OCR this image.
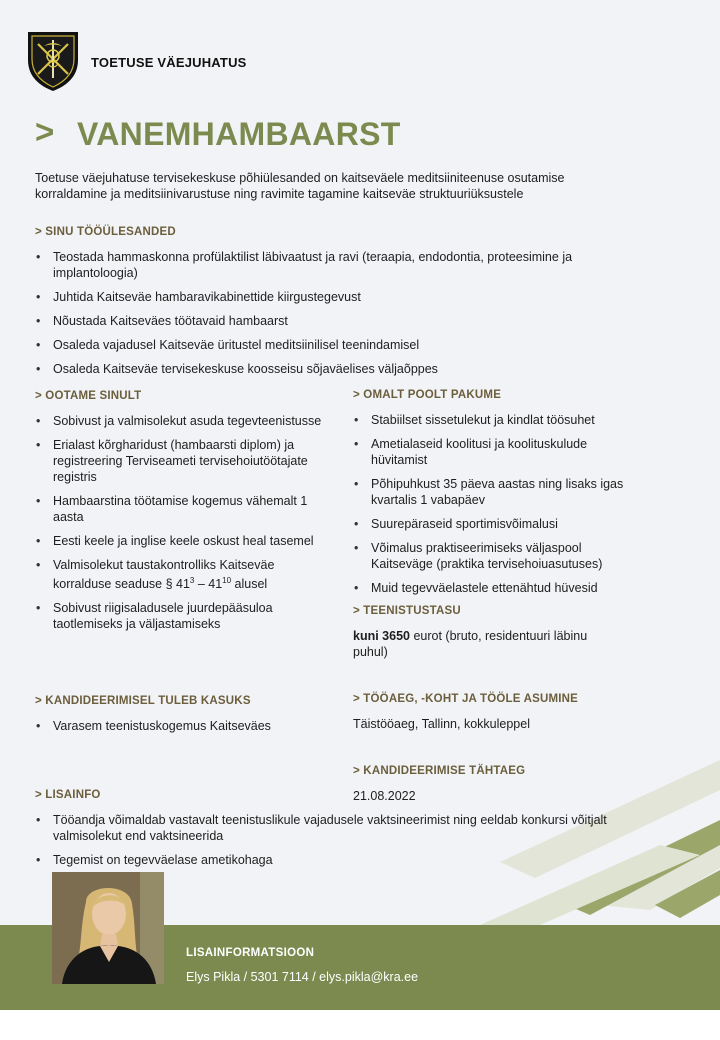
TOETUSE VÄEJUHATUS
> VANEMHAMBAARST
Toetuse väejuhatuse tervisekeskuse põhiülesanded on kaitseväele meditsiiniteenuse osutamise korraldamine ja meditsiinivarustuse ning ravimite tagamine kaitseväe struktuuriüksustele
> SINU TÖÖÜLESANDED
• Teostada hammaskonna profülaktilist läbivaatust ja ravi (teraapia, endodontia, proteesimine ja implantoloogia)
• Juhtida Kaitseväe hambaravikabinettide kiirgustegevust
• Nõustada Kaitseväes töötavaid hambaarst
• Osaleda vajadusel Kaitseväe üritustel meditsiinilisel teenindamisel
• Osaleda Kaitseväe tervisekeskuse koosseisu sõjaväelises väljaõppes
> OOTAME SINULT
• Sobivust ja valmisolekut asuda tegevteenistusse
• Erialast kõrgharidust (hambaarsti diplom) ja registreering Terviseameti tervisehoiutöötajate registris
• Hambaarstina töötamise kogemus vähemalt 1 aasta
• Eesti keele ja inglise keele oskust heal tasemel
• Valmisolekut taustakontrolliks Kaitseväe korralduse seaduse § $41^3 - 41^{10}$ alusel
• Sobivust riigisaladusele juurdepääsuloa taotlemiseks ja väljastamiseks
> OMALT POOLT PAKUME
• Stabiilset sissetulekut ja kindlat töösuhet
• Ametialaseid koolitusi ja koolituskulude hüvitamist
• Põhipuhkust 35 päeva aastas ning lisaks igas kvartalis 1 vabapäev
• Suurepäraseid sportimisvõimalusi
• Võimalus praktiseerimiseks väljaspool Kaitseväge (praktika tervisehoiuasutuses)
• Muid tegevväelastele ettenähtud hüvesid
> TEENISTUSTASU
kuni 3650 eurot (bruto, residentuuri läbinu puhul)
> KANDIDEERIMISEL TULEB KASUKS
• Varasem teenistuskogemus Kaitseväes
> TÖÖAEG, -KOHT JA TÖÖLE ASUMINE
Täistööaeg, Tallinn, kokkuleppel
> KANDIDEERIMISE TÄHTAEG
21.08.2022
> LISAINFO
• Tööandja võimaldab vastavalt teenistuslikule vajadusele vaktsineerimist ning eeldab konkursi võitjalt valmisolekut end vaktsineerida
• Tegemist on tegevväelase ametikohaga
LISAINFORMATSIOON
Elys Pikla / 5301 7114 / elys.pikla@kra.ee
